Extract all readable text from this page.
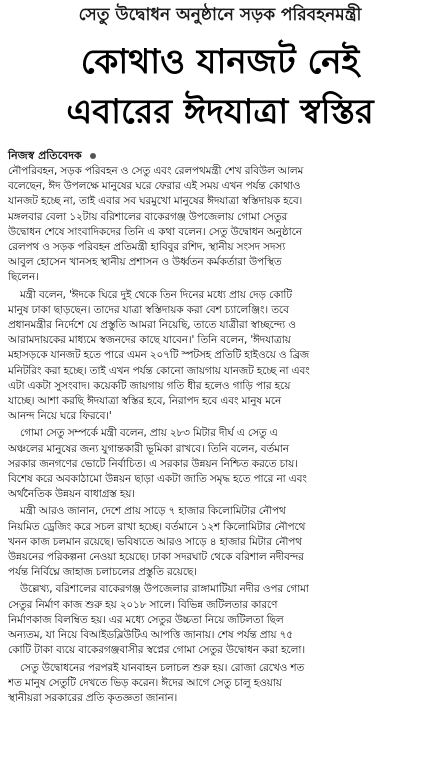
সেতু উদ্বোধন অনুষ্ঠানে সড়ক পরিবহনমন্ত্রী
কোথাও যানজট নেই
এবারের ঈদযাত্রা স্বস্তির
নিজস্ব প্রতিবেদক
নৌপরিবহন, সড়ক পরিবহন ও সেতু এবং রেলপথমন্ত্রী শেখ রবিউল আলম
বলেছেন, ঈদ উপলক্ষে মানুষের ঘরে ফেরার এই সময় এখন পর্যন্ত কোথাও
যানজট হচ্ছে না, তাই এবার সব ঘরমুখো মানুষের ঈদযাত্রা স্বস্তিদায়ক হবে।
মঙ্গলবার বেলা ১২টায় বরিশালের বাকেরগঞ্জ উপজেলায় গোমা সেতুর
উদ্বোধন শেষে সাংবাদিকদের তিনি এ কথা বলেন। সেতু উদ্বোধন অনুষ্ঠানে
রেলপথ ও সড়ক পরিবহন প্রতিমন্ত্রী হাবিবুর রশিদ, স্থানীয় সংসদ সদস্য
আবুল হোসেন খানসহ স্থানীয় প্রশাসন ও উর্ধ্বতন কর্মকর্তারা উপস্থিত
ছিলেন।
মন্ত্রী বলেন, 'ঈদকে ঘিরে দুই থেকে তিন দিনের মধ্যে প্রায় দেড় কোটি
মানুষ ঢাকা ছাড়ছেন। তাদের যাত্রা স্বস্তিদায়ক করা বেশ চ্যালেঞ্জিং। তবে
প্রধানমন্ত্রীর নির্দেশে যে প্রস্তুতি আমরা নিয়েছি, তাতে যাত্রীরা স্বাচ্ছন্দ্যে ও
আরামদায়কের মাধ্যমে স্বজনদের কাছে যাবেন।' তিনি বলেন, 'ঈদযাত্রায়
মহাসড়কে যানজট হতে পারে এমন ২০৭টি স্পটসহ প্রতিটি হাইওয়ে ও ব্রিজ
মনিটরিং করা হচ্ছে। তাই এখন পর্যন্ত কোনো জায়গায় যানজট হচ্ছে না এবং
এটা একটা সুসংবাদ। কয়েকটি জায়গায় গতি ধীর হলেও গাড়ি পার হয়ে
যাচ্ছে। আশা করছি ঈদযাত্রা স্বস্তির হবে, নিরাপদ হবে এবং মানুষ মনে
আনন্দ নিয়ে ঘরে ফিরবে।'
গোমা সেতু সম্পর্কে মন্ত্রী বলেন, প্রায় ২৮৩ মিটার দীর্ঘ এ সেতু এ
অঞ্চলের মানুষের জন্য যুগান্তকারী ভূমিকা রাখবে। তিনি বলেন, বর্তমান
সরকার জনগণের ভোটে নির্বাচিত। এ সরকার উন্নয়ন নিশ্চিত করতে চায়।
বিশেষ করে অবকাঠামো উন্নয়ন ছাড়া একটা জাতি সমৃদ্ধ হতে পারে না এবং
অর্থনৈতিক উন্নয়ন বাধাগ্রস্ত হয়।
মন্ত্রী আরও জানান, দেশে প্রায় সাড়ে ৭ হাজার কিলোমিটার নৌপথ
নিয়মিত ড্রেজিং করে সচল রাখা হচ্ছে। বর্তমানে ১২শ কিলোমিটার নৌপথে
খনন কাজ চলমান রয়েছে। ভবিষ্যতে আরও সাড়ে ৪ হাজার মিটার নৌপথ
উন্নয়নের পরিকল্পনা নেওয়া হয়েছে। ঢাকা সদরঘাট থেকে বরিশাল নদীবন্দর
পর্যন্ত নির্বিঘ্নে জাহাজ চলাচলের প্রস্তুতি রয়েছে।
উল্লেখ্য, বরিশালের বাকেরগঞ্জ উপজেলার রাঙ্গামাটিয়া নদীর ওপর গোমা
সেতুর নির্মাণ কাজ শুরু হয় ২০১৮ সালে। বিভিন্ন জটিলতার কারণে
নির্মাণকাজ বিলম্বিত হয়। এর মধ্যে সেতুর উচ্চতা নিয়ে জটিলতা ছিল
অন্যতম, যা নিয়ে বিআইডব্লিউটিএ আপত্তি জানায়। শেষ পর্যন্ত প্রায় ৭৫
কোটি টাকা ব্যয়ে বাকেরগঞ্জবাসীর স্বপ্নের গোমা সেতুর উদ্বোধন করা হলো।
সেতু উদ্বোধনের পরপরই যানবাহন চলাচল শুরু হয়। রোজা রেখেও শত
শত মানুষ সেতুটি দেখতে ভিড় করেন। ঈদের আগে সেতু চালু হওয়ায়
স্থানীয়রা সরকারের প্রতি কৃতজ্ঞতা জানান।
